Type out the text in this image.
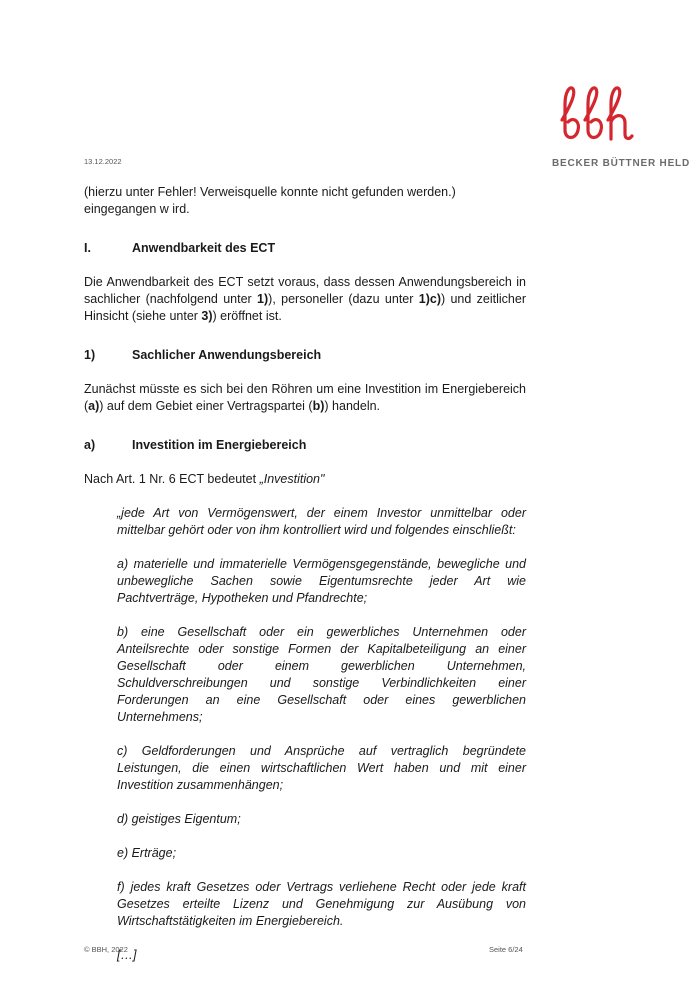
BECKER BÜTTNER HELD
13.12.2022

(hierzu unter Fehler! Verweisquelle konnte nicht gefunden werden.) eingegangen w ird.

I.	Anwendbarkeit des ECT

Die Anwendbarkeit des ECT setzt voraus, dass dessen Anwendungsbereich in sachlicher (nachfolgend unter 1)), personeller (dazu unter 1)c)) und zeitlicher Hinsicht (siehe unter 3)) eröffnet ist.

1)	Sachlicher Anwendungsbereich

Zunächst müsste es sich bei den Röhren um eine Investition im Energiebereich (a)) auf dem Gebiet einer Vertragspartei (b)) handeln.

a)	Investition im Energiebereich

Nach Art. 1 Nr. 6 ECT bedeutet „Investition"

„jede Art von Vermögenswert, der einem Investor unmittelbar oder mittelbar gehört oder von ihm kontrolliert wird und folgendes einschließt:

a) materielle und immaterielle Vermögensgegenstände, bewegliche und unbewegliche Sachen sowie Eigentumsrechte jeder Art wie Pachtverträge, Hypotheken und Pfandrechte;

b) eine Gesellschaft oder ein gewerbliches Unternehmen oder Anteilsrechte oder sonstige Formen der Kapitalbeteiligung an einer Gesellschaft oder einem gewerblichen Unternehmen, Schuldverschreibungen und sonstige Verbindlichkeiten einer Forderungen an eine Gesellschaft oder eines gewerblichen Unternehmens;

c) Geldforderungen und Ansprüche auf vertraglich begründete Leistungen, die einen wirtschaftlichen Wert haben und mit einer Investition zusammenhängen;

d) geistiges Eigentum;

e) Erträge;

f) jedes kraft Gesetzes oder Vertrags verliehene Recht oder jede kraft Gesetzes erteilte Lizenz und Genehmigung zur Ausübung von Wirtschaftstätigkeiten im Energiebereich.

[…]

© BBH, 2022	Seite 6/24
